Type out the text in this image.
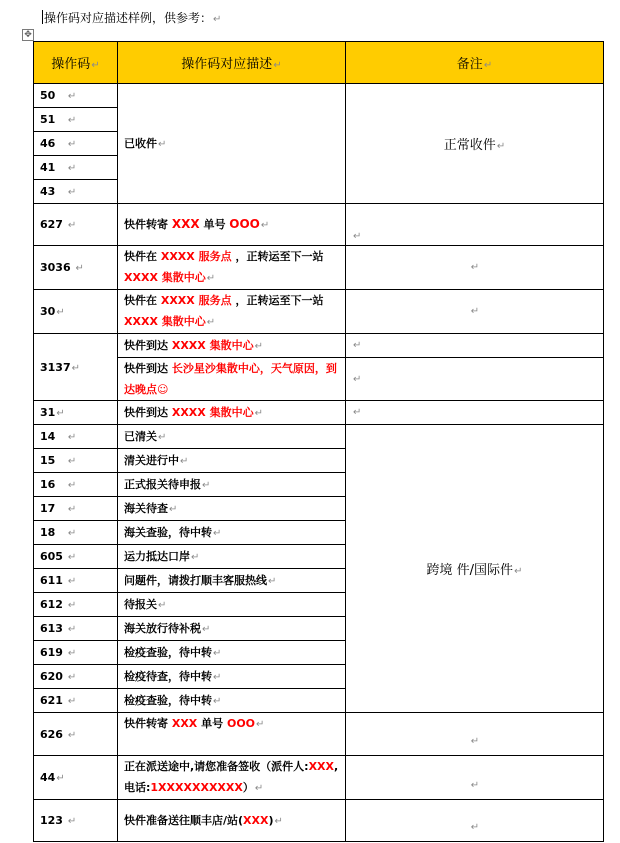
操作码对应描述样例，供参考：↵
✥
操作码↵	操作码对应描述↵	备注↵
50 ↵	已收件↵	正常收件↵
51 ↵		
46 ↵		
41 ↵		
43 ↵		
627 ↵	快件转寄 XXX 单号 OOO↵	↵
3036 ↵	快件在 XXXX 服务点 ，正转运至下一站 XXXX 集散中心↵	↵
30↵	快件在 XXXX 服务点 ，正转运至下一站 XXXX 集散中心↵	↵
3137↵	快件到达 XXXX 集散中心↵	↵
	快件到达 长沙星沙集散中心，天气原因，到达晚点☺	↵
31↵	快件到达 XXXX 集散中心↵	↵
14 ↵	已清关↵	跨境 件/国际件↵
15 ↵	清关进行中↵	
16 ↵	正式报关待申报↵	
17 ↵	海关待查↵	
18 ↵	海关查验，待中转↵	
605 ↵	运力抵达口岸↵	
611 ↵	问题件，请拨打顺丰客服热线↵	
612 ↵	待报关↵	
613 ↵	海关放行待补税↵	
619 ↵	检疫查验，待中转↵	
620 ↵	检疫待查，待中转↵	
621 ↵	检疫查验，待中转↵	
626 ↵	快件转寄 XXX 单号 OOO↵	↵
44↵	正在派送途中,请您准备签收（派件人:XXX,电话:1XXXXXXXXXX）↵	↵
123 ↵	快件准备送往顺丰店/站(XXX)↵	↵
